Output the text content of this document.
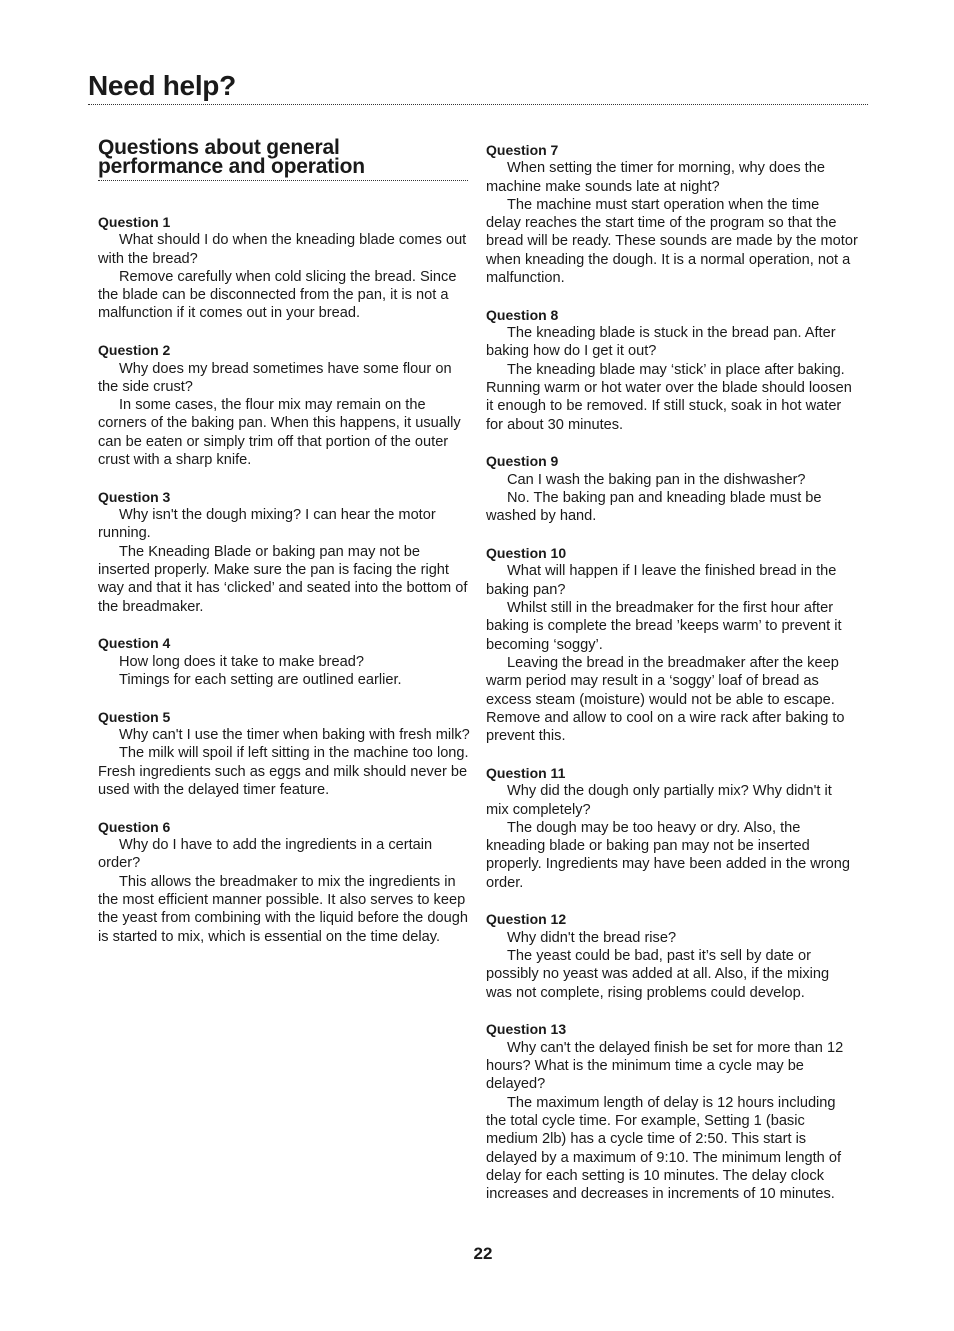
Need help?
Questions about general performance and operation
Question 1

What should I do when the kneading blade comes out with the bread?

Remove carefully when cold slicing the bread. Since the blade can be disconnected from the pan, it is not a malfunction if it comes out in your bread.

Question 2

Why does my bread sometimes have some flour on the side crust?

In some cases, the flour mix may remain on the corners of the baking pan. When this happens, it usually can be eaten or simply trim off that portion of the outer crust with a sharp knife.

Question 3

Why isn't the dough mixing? I can hear the motor running.

The Kneading Blade or baking pan may not be inserted properly. Make sure the pan is facing the right way and that it has ‘clicked’ and seated into the bottom of the breadmaker.

Question 4

How long does it take to make bread?

Timings for each setting are outlined earlier.

Question 5

Why can't I use the timer when baking with fresh milk?

The milk will spoil if left sitting in the machine too long. Fresh ingredients such as eggs and milk should never be used with the delayed timer feature.

Question 6

Why do I have to add the ingredients in a certain order?

This allows the breadmaker to mix the ingredients in the most efficient manner possible. It also serves to keep the yeast from combining with the liquid before the dough is started to mix, which is essential on the time delay.

Question 7

When setting the timer for morning, why does the machine make sounds late at night?

The machine must start operation when the time delay reaches the start time of the program so that the bread will be ready. These sounds are made by the motor when kneading the dough. It is a normal operation, not a malfunction.

Question 8

The kneading blade is stuck in the bread pan. After baking how do I get it out?

The kneading blade may ‘stick’ in place after baking. Running warm or hot water over the blade should loosen it enough to be removed. If still stuck, soak in hot water for about 30 minutes.

Question 9

Can I wash the baking pan in the dishwasher?

No. The baking pan and kneading blade must be washed by hand.

Question 10

What will happen if I leave the finished bread in the baking pan?

Whilst still in the breadmaker for the first hour after baking is complete the bread ’keeps warm’ to prevent it becoming ‘soggy’.

Leaving the bread in the breadmaker after the keep warm period may result in a ‘soggy’ loaf of bread as excess steam (moisture) would not be able to escape. Remove and allow to cool on a wire rack after baking to prevent this.

Question 11

Why did the dough only partially mix? Why didn't it mix completely?

The dough may be too heavy or dry. Also, the kneading blade or baking pan may not be inserted properly. Ingredients may have been added in the wrong order.

Question 12

Why didn't the bread rise?

The yeast could be bad, past it’s sell by date or possibly no yeast was added at all. Also, if the mixing was not complete, rising problems could develop.

Question 13

Why can't the delayed finish be set for more than 12 hours? What is the minimum time a cycle may be delayed?

The maximum length of delay is 12 hours including the total cycle time. For example, Setting 1 (basic medium 2lb) has a cycle time of 2:50. This start is delayed by a maximum of 9:10. The minimum length of delay for each setting is 10 minutes. The delay clock increases and decreases in increments of 10 minutes.

22
